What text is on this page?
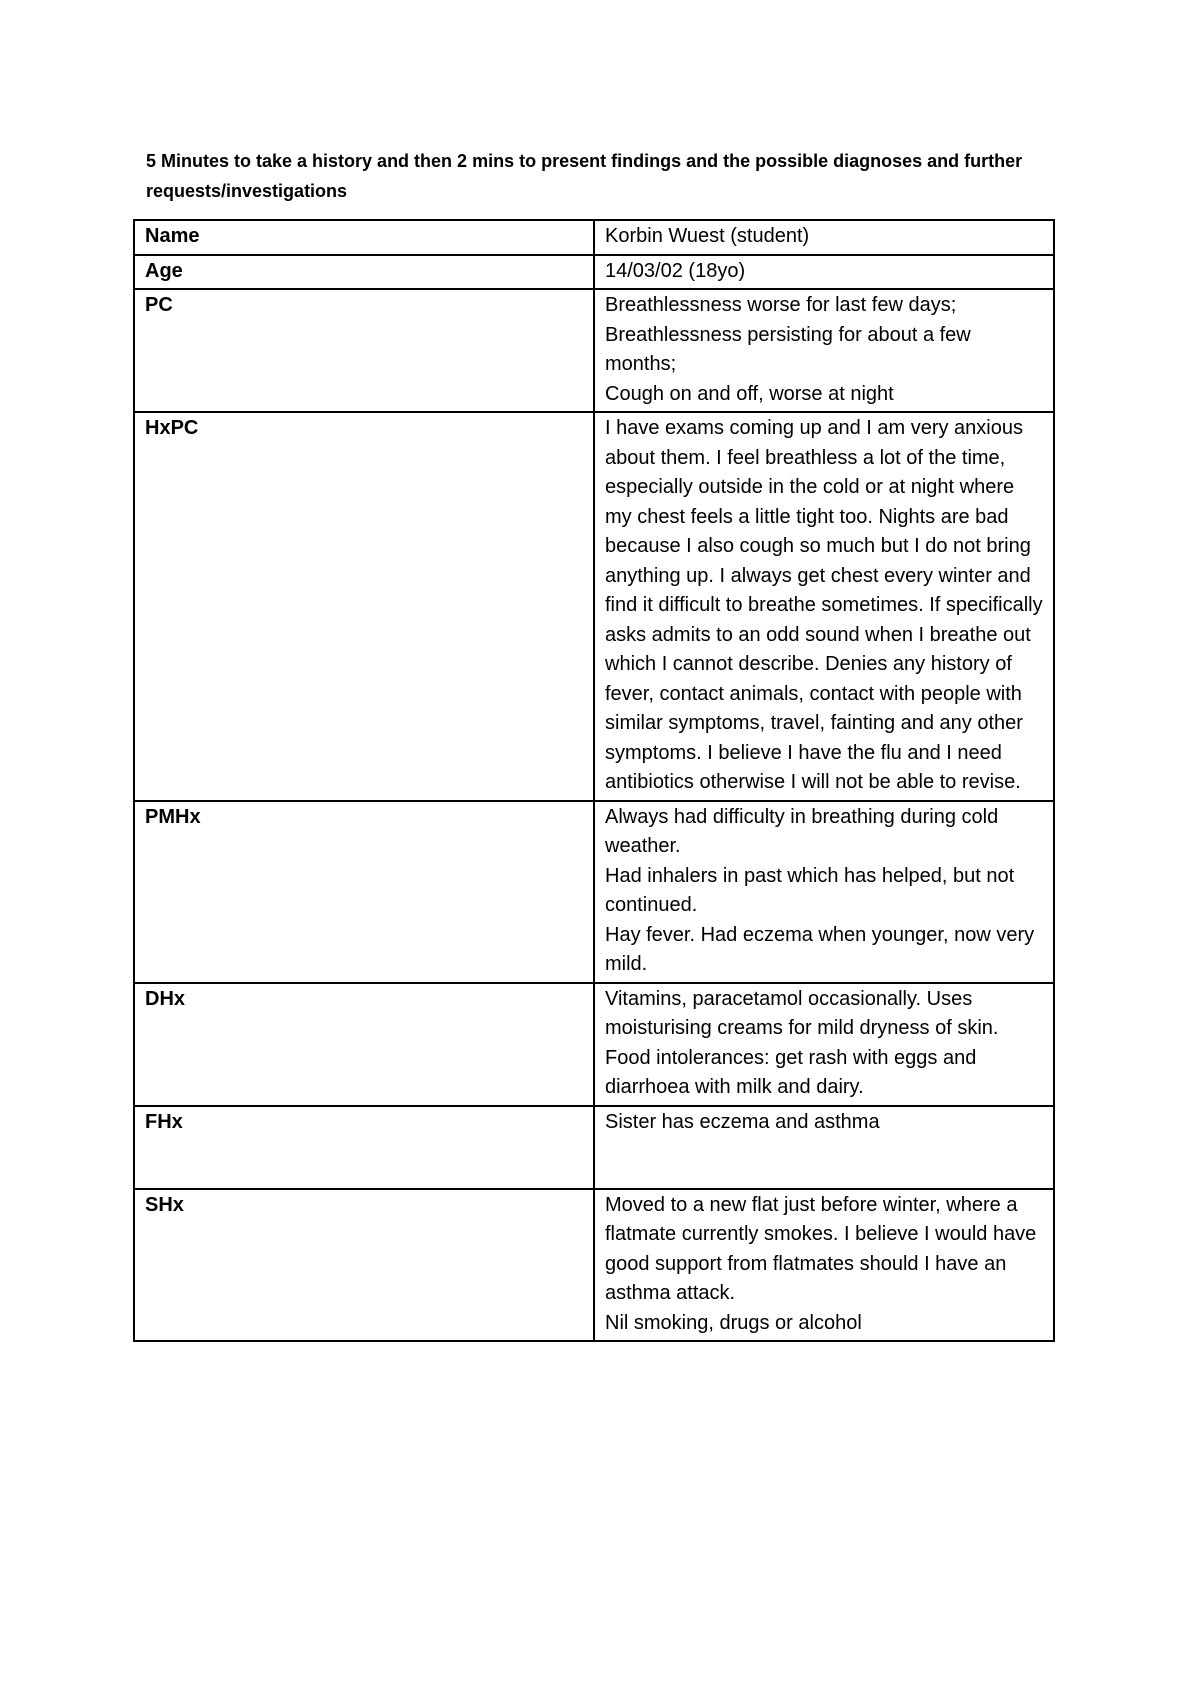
5 Minutes to take a history and then 2 mins to present findings and the possible diagnoses and further requests/investigations

Name	Korbin Wuest (student)

Age	14/03/02 (18yo)

PC	Breathlessness worse for last few days;
Breathlessness persisting for about a few months;
Cough on and off, worse at night

HxPC	I have exams coming up and I am very anxious about them. I feel breathless a lot of the time, especially outside in the cold or at night where my chest feels a little tight too. Nights are bad because I also cough so much but I do not bring anything up. I always get chest every winter and find it difficult to breathe sometimes. If specifically asks admits to an odd sound when I breathe out which I cannot describe. Denies any history of fever, contact animals, contact with people with similar symptoms, travel, fainting and any other symptoms. I believe I have the flu and I need antibiotics otherwise I will not be able to revise.

PMHx	Always had difficulty in breathing during cold weather.
Had inhalers in past which has helped, but not continued.
Hay fever. Had eczema when younger, now very mild.

DHx	Vitamins, paracetamol occasionally. Uses moisturising creams for mild dryness of skin.
Food intolerances: get rash with eggs and diarrhoea with milk and dairy.

FHx	Sister has eczema and asthma

SHx	Moved to a new flat just before winter, where a flatmate currently smokes. I believe I would have good support from flatmates should I have an asthma attack.
Nil smoking, drugs or alcohol
